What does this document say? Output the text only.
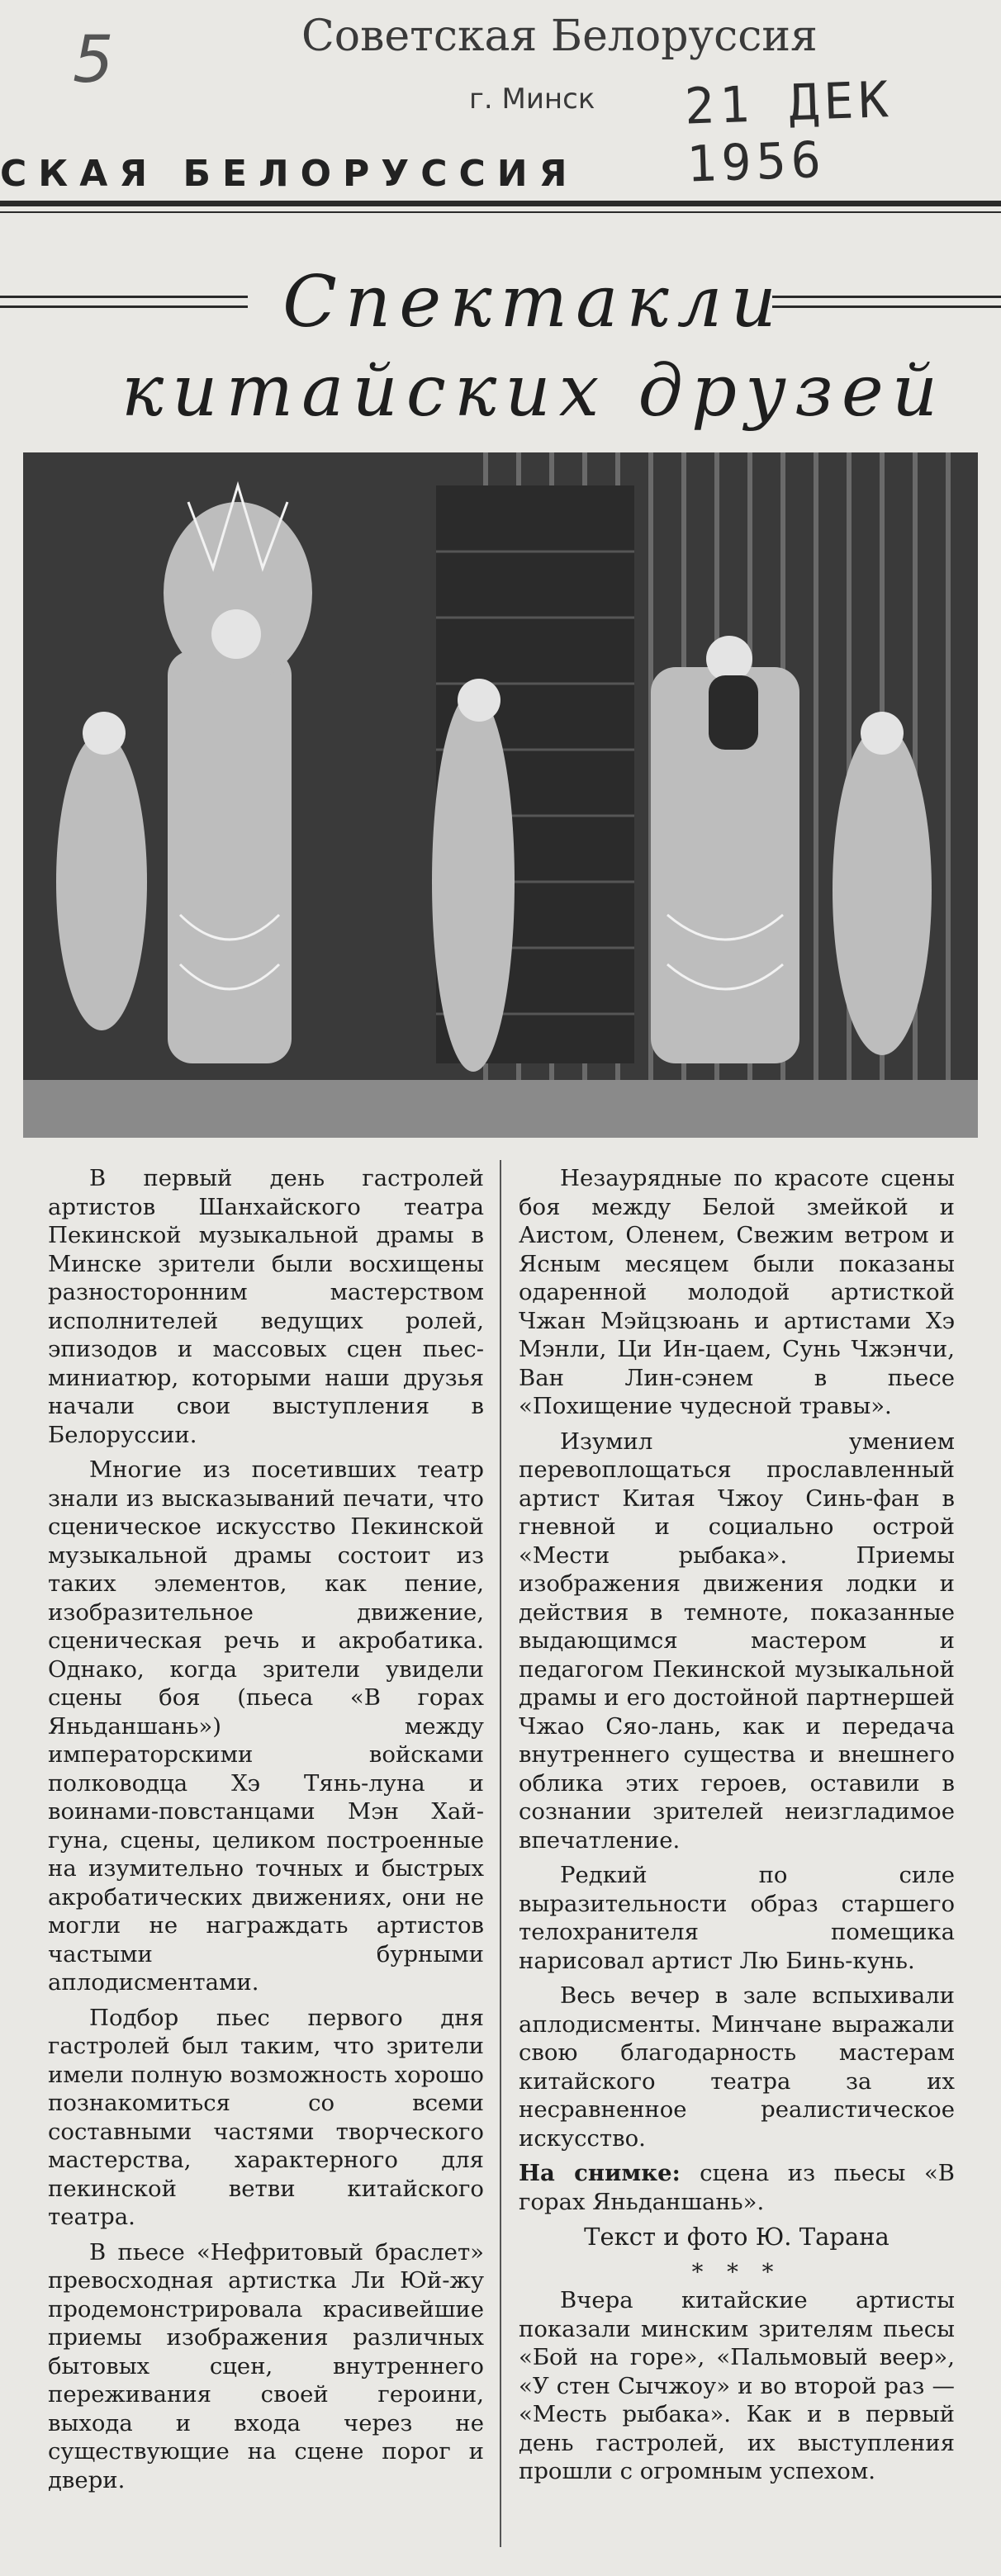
5	Советская Белоруссия
г. Минск 21 ДЕК 1956
СКАЯ БЕЛОРУССИЯ
Спектакли
китайских друзей

В первый день гастролей артистов Шанхайского театра Пекинской музыкальной драмы в Минске зрители были восхищены разносторонним мастерством исполнителей ведущих ролей, эпизодов и массовых сцен пьес-миниатюр, которыми наши друзья начали свои выступления в Белоруссии.

Многие из посетивших театр знали из высказываний печати, что сценическое искусство Пекинской музыкальной драмы состоит из таких элементов, как пение, изобразительное движение, сценическая речь и акробатика. Однако, когда зрители увидели сцены боя (пьеса «В горах Яньданшань») между императорскими войсками полководца Хэ Тянь-луна и воинами-повстанцами Мэн Хай-гуна, сцены, целиком построенные на изумительно точных и быстрых акробатических движениях, они не могли не награждать артистов частыми бурными аплодисментами.

Подбор пьес первого дня гастролей был таким, что зрители имели полную возможность хорошо познакомиться со всеми составными частями творческого мастерства, характерного для пекинской ветви китайского театра.

В пьесе «Нефритовый браслет» превосходная артистка Ли Юй-жу продемонстрировала красивейшие приемы изображения различных бытовых сцен, внутреннего переживания своей героини, выхода и входа через не существующие на сцене порог и двери.

Незаурядные по красоте сцены боя между Белой змейкой и Аистом, Оленем, Свежим ветром и Ясным месяцем были показаны одаренной молодой артисткой Чжан Мэйцзюань и артистами Хэ Мэнли, Ци Ин-цаем, Сунь Чжэнчи, Ван Лин-сэнем в пьесе «Похищение чудесной травы».

Изумил умением перевоплощаться прославленный артист Китая Чжоу Синь-фан в гневной и социально острой «Мести рыбака». Приемы изображения движения лодки и действия в темноте, показанные выдающимся мастером и педагогом Пекинской музыкальной драмы и его достойной партнершей Чжао Сяо-лань, как и передача внутреннего существа и внешнего облика этих героев, оставили в сознании зрителей неизгладимое впечатление.

Редкий по силе выразительности образ старшего телохранителя помещика нарисовал артист Лю Бинь-кунь.

Весь вечер в зале вспыхивали аплодисменты. Минчане выражали свою благодарность мастерам китайского театра за их несравненное реалистическое искусство.

На снимке: сцена из пьесы «В горах Яньданшань».

Текст и фото Ю. Тарана

* * *

Вчера китайские артисты показали минским зрителям пьесы «Бой на горе», «Пальмовый веер», «У стен Сычжоу» и во второй раз — «Месть рыбака». Как и в первый день гастролей, их выступления прошли с огромным успехом.
